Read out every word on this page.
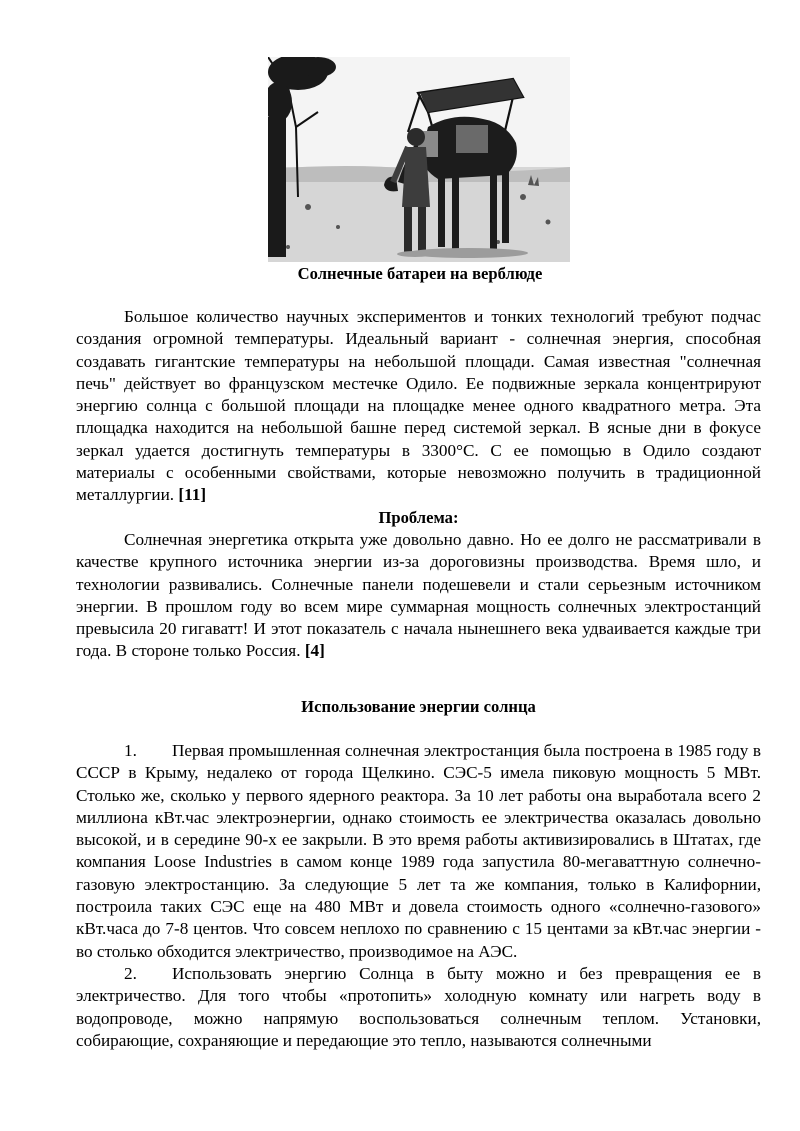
Солнечные батареи на верблюде

Большое количество научных экспериментов и тонких технологий требуют подчас создания огромной температуры. Идеальный вариант - солнечная энергия, способная создавать гигантские температуры на небольшой площади. Самая известная "солнечная печь" действует во французском местечке Одило. Ее подвижные зеркала концентрируют энергию солнца с большой площади на площадке менее одного квадратного метра. Эта площадка находится на небольшой башне перед системой зеркал. В ясные дни в фокусе зеркал удается достигнуть температуры в 3300°С. С ее помощью в Одило создают материалы с особенными свойствами, которые невозможно получить в традиционной металлургии. [11]

Проблема:

Солнечная энергетика открыта уже довольно давно. Но ее долго не рассматривали в качестве крупного источника энергии из-за дороговизны производства. Время шло, и технологии развивались. Солнечные панели подешевели и стали серьезным источником энергии. В прошлом году во всем мире суммарная мощность солнечных электростанций превысила 20 гигаватт! И этот показатель с начала нынешнего века удваивается каждые три года. В стороне только Россия. [4]

Использование энергии солнца

1. Первая промышленная солнечная электростанция была построена в 1985 году в СССР в Крыму, недалеко от города Щелкино. СЭС-5 имела пиковую мощность 5 МВт. Столько же, сколько у первого ядерного реактора. За 10 лет работы она выработала всего 2 миллиона кВт.час электроэнергии, однако стоимость ее электричества оказалась довольно высокой, и в середине 90-х ее закрыли. В это время работы активизировались в Штатах, где компания Loose Industries в самом конце 1989 года запустила 80-мегаваттную солнечно-газовую электростанцию. За следующие 5 лет та же компания, только в Калифорнии, построила таких СЭС еще на 480 МВт и довела стоимость одного «солнечно-газового» кВт.часа до 7-8 центов. Что совсем неплохо по сравнению с 15 центами за кВт.час энергии - во столько обходится электричество, производимое на АЭС.

2. Использовать энергию Солнца в быту можно и без превращения ее в электричество. Для того чтобы «протопить» холодную комнату или нагреть воду в водопроводе, можно напрямую воспользоваться солнечным теплом. Установки, собирающие, сохраняющие и передающие это тепло, называются солнечными
